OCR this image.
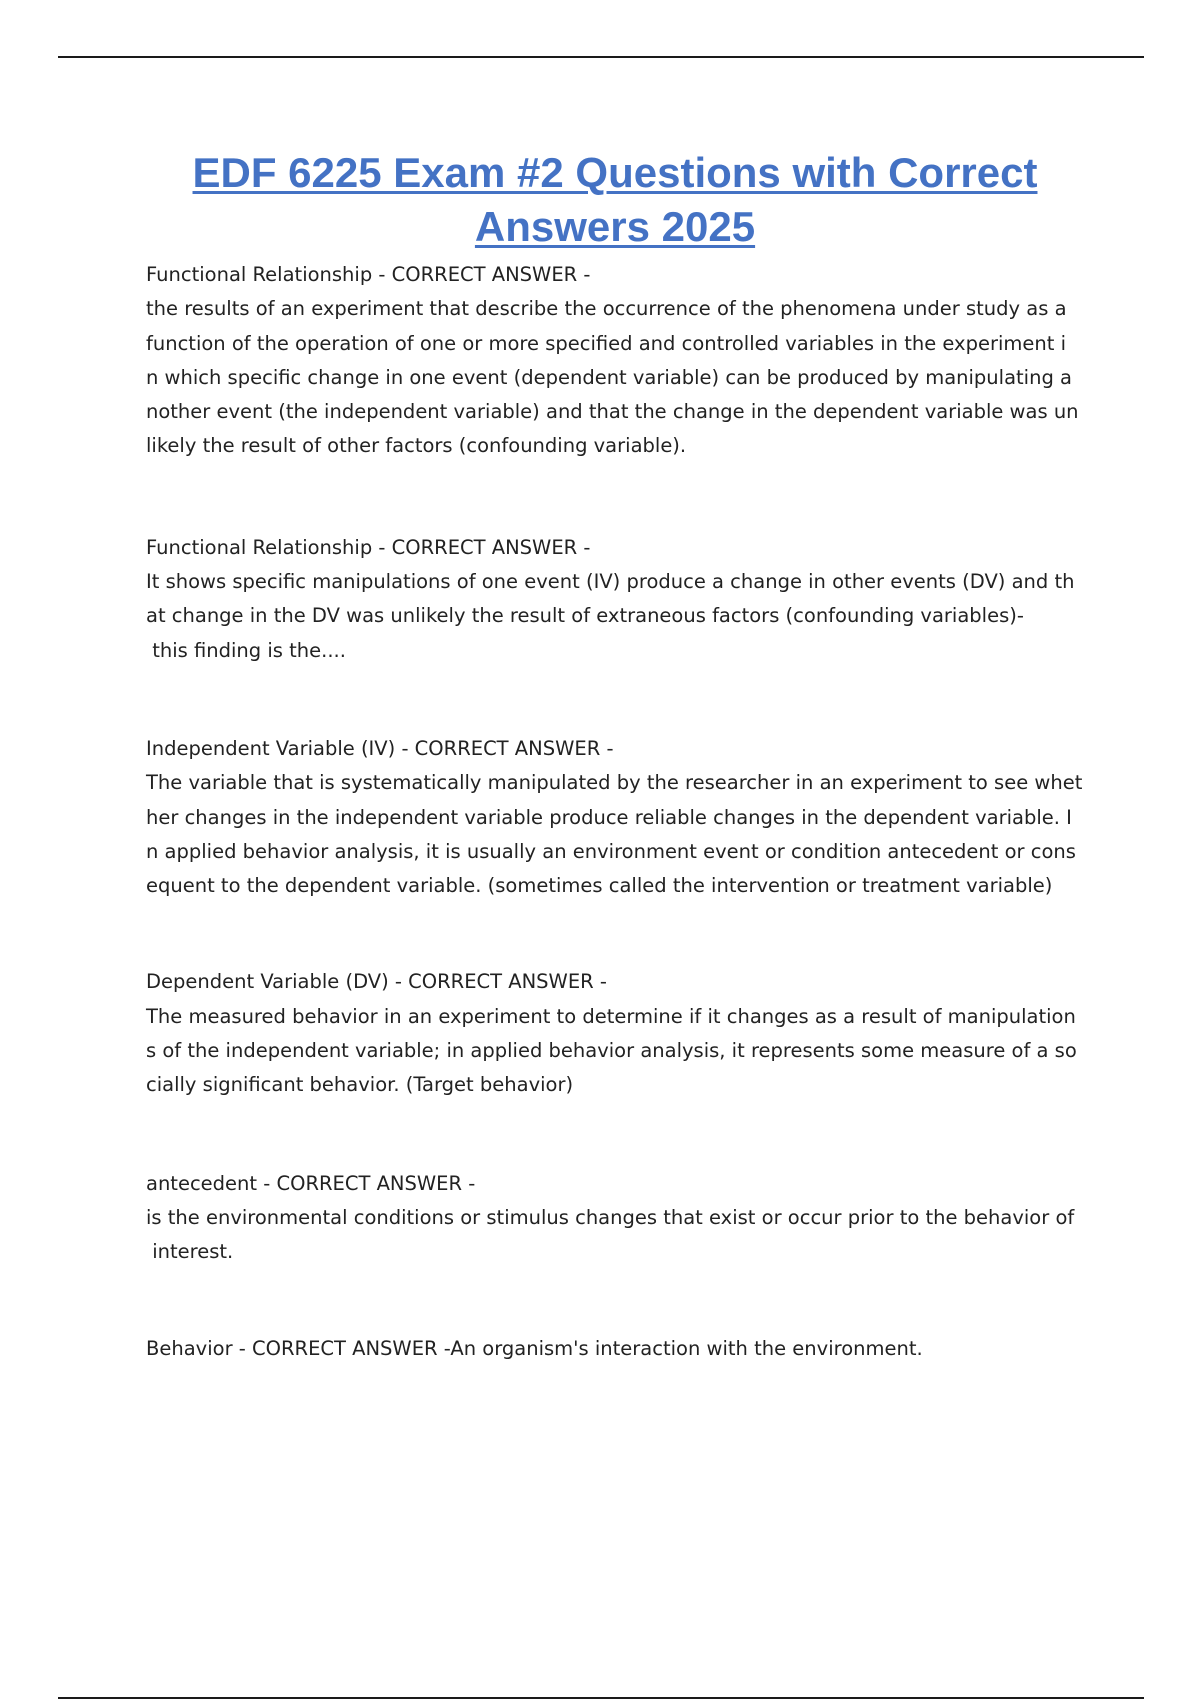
EDF 6225 Exam #2 Questions with Correct
Answers 2025
Functional Relationship - CORRECT ANSWER -
the results of an experiment that describe the occurrence of the phenomena under study as a
function of the operation of one or more specified and controlled variables in the experiment i
n which specific change in one event (dependent variable) can be produced by manipulating a
nother event (the independent variable) and that the change in the dependent variable was un
likely the result of other factors (confounding variable).
Functional Relationship - CORRECT ANSWER -
It shows specific manipulations of one event (IV) produce a change in other events (DV) and th
at change in the DV was unlikely the result of extraneous factors (confounding variables)-
this finding is the....
Independent Variable (IV) - CORRECT ANSWER -
The variable that is systematically manipulated by the researcher in an experiment to see whet
her changes in the independent variable produce reliable changes in the dependent variable. I
n applied behavior analysis, it is usually an environment event or condition antecedent or cons
equent to the dependent variable. (sometimes called the intervention or treatment variable)
Dependent Variable (DV) - CORRECT ANSWER -
The measured behavior in an experiment to determine if it changes as a result of manipulation
s of the independent variable; in applied behavior analysis, it represents some measure of a so
cially significant behavior. (Target behavior)
antecedent - CORRECT ANSWER -
is the environmental conditions or stimulus changes that exist or occur prior to the behavior of
interest.
Behavior - CORRECT ANSWER -An organism's interaction with the environment.
